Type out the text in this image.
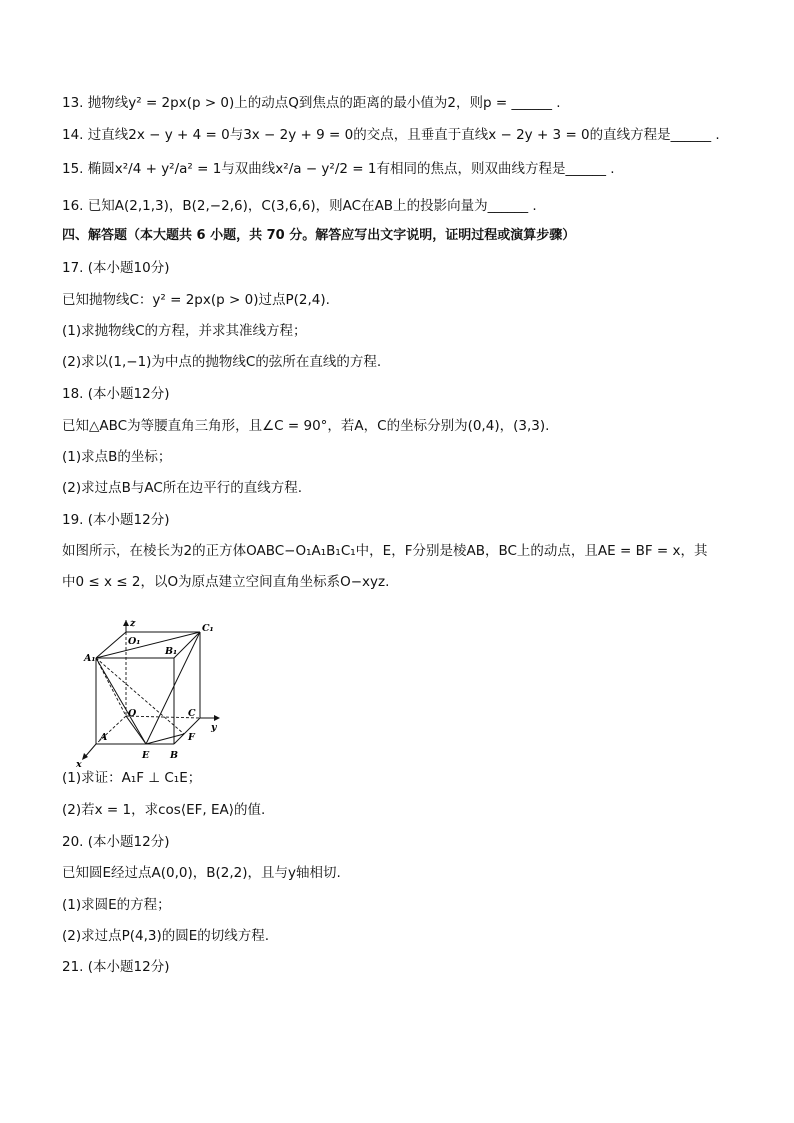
13. 抛物线y² = 2px(p > 0)上的动点Q到焦点的距离的最小值为2，则p = ______ .
14. 过直线2x − y + 4 = 0与3x − 2y + 9 = 0的交点，且垂直于直线x − 2y + 3 = 0的直线方程是______ .
15. 椭圆x²/4 + y²/a² = 1与双曲线x²/a − y²/2 = 1有相同的焦点，则双曲线方程是______ .
16. 已知A(2,1,3)，B(2,−2,6)，C(3,6,6)，则AC在AB上的投影向量为______ .
四、解答题（本大题共 6 小题，共 70 分。解答应写出文字说明，证明过程或演算步骤）
17. (本小题10分)
已知抛物线C：y² = 2px(p > 0)过点P(2,4).
(1)求抛物线C的方程，并求其准线方程；
(2)求以(1,−1)为中点的抛物线C的弦所在直线的方程.
18. (本小题12分)
已知△ABC为等腰直角三角形，且∠C = 90°，若A，C的坐标分别为(0,4)，(3,3).
(1)求点B的坐标；
(2)求过点B与AC所在边平行的直线方程.
19. (本小题12分)
如图所示，在棱长为2的正方体OABC−O₁A₁B₁C₁中，E，F分别是棱AB，BC上的动点，且AE = BF = x，其
中0 ≤ x ≤ 2，以O为原点建立空间直角坐标系O−xyz.
(1)求证：A₁F ⊥ C₁E；
(2)若x = 1，求cos⟨EF, EA⟩的值.
20. (本小题12分)
已知圆E经过点A(0,0)，B(2,2)，且与y轴相切.
(1)求圆E的方程；
(2)求过点P(4,3)的圆E的切线方程.
21. (本小题12分)
z
O₁
C₁
A₁
B₁
O	C
y
A	F
x
E B
